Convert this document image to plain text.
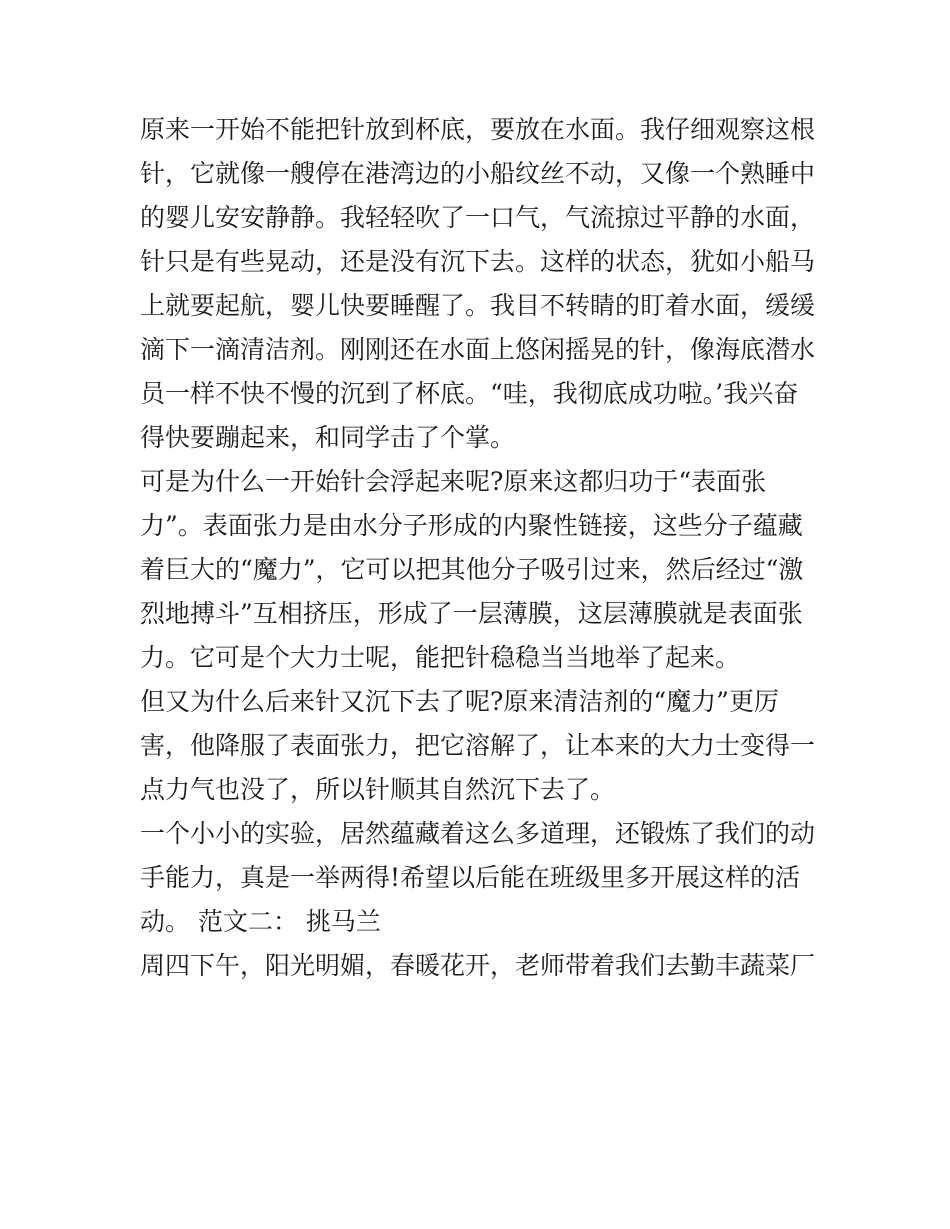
原来一开始不能把针放到杯底，要放在水面。我仔细观察这根

针，它就像一艘停在港湾边的小船纹丝不动，又像一个熟睡中

的婴儿安安静静。我轻轻吹了一口气，气流掠过平静的水面，

针只是有些晃动，还是没有沉下去。这样的状态，犹如小船马

上就要起航，婴儿快要睡醒了。我目不转睛的盯着水面，缓缓

滴下一滴清洁剂。刚刚还在水面上悠闲摇晃的针，像海底潜水

员一样不快不慢的沉到了杯底。“哇，我彻底成功啦。’我兴奋

得快要蹦起来，和同学击了个掌。

可是为什么一开始针会浮起来呢?原来这都归功于“表面张

力”。表面张力是由水分子形成的内聚性链接，这些分子蕴藏

着巨大的“魔力”，它可以把其他分子吸引过来，然后经过“激

烈地搏斗”互相挤压，形成了一层薄膜，这层薄膜就是表面张

力。它可是个大力士呢，能把针稳稳当当地举了起来。

但又为什么后来针又沉下去了呢?原来清洁剂的“魔力”更厉

害，他降服了表面张力，把它溶解了，让本来的大力士变得一

点力气也没了，所以针顺其自然沉下去了。

一个小小的实验，居然蕴藏着这么多道理，还锻炼了我们的动

手能力，真是一举两得!希望以后能在班级里多开展这样的活

动。 范文二： 挑马兰

周四下午，阳光明媚，春暖花开，老师带着我们去勤丰蔬菜厂
